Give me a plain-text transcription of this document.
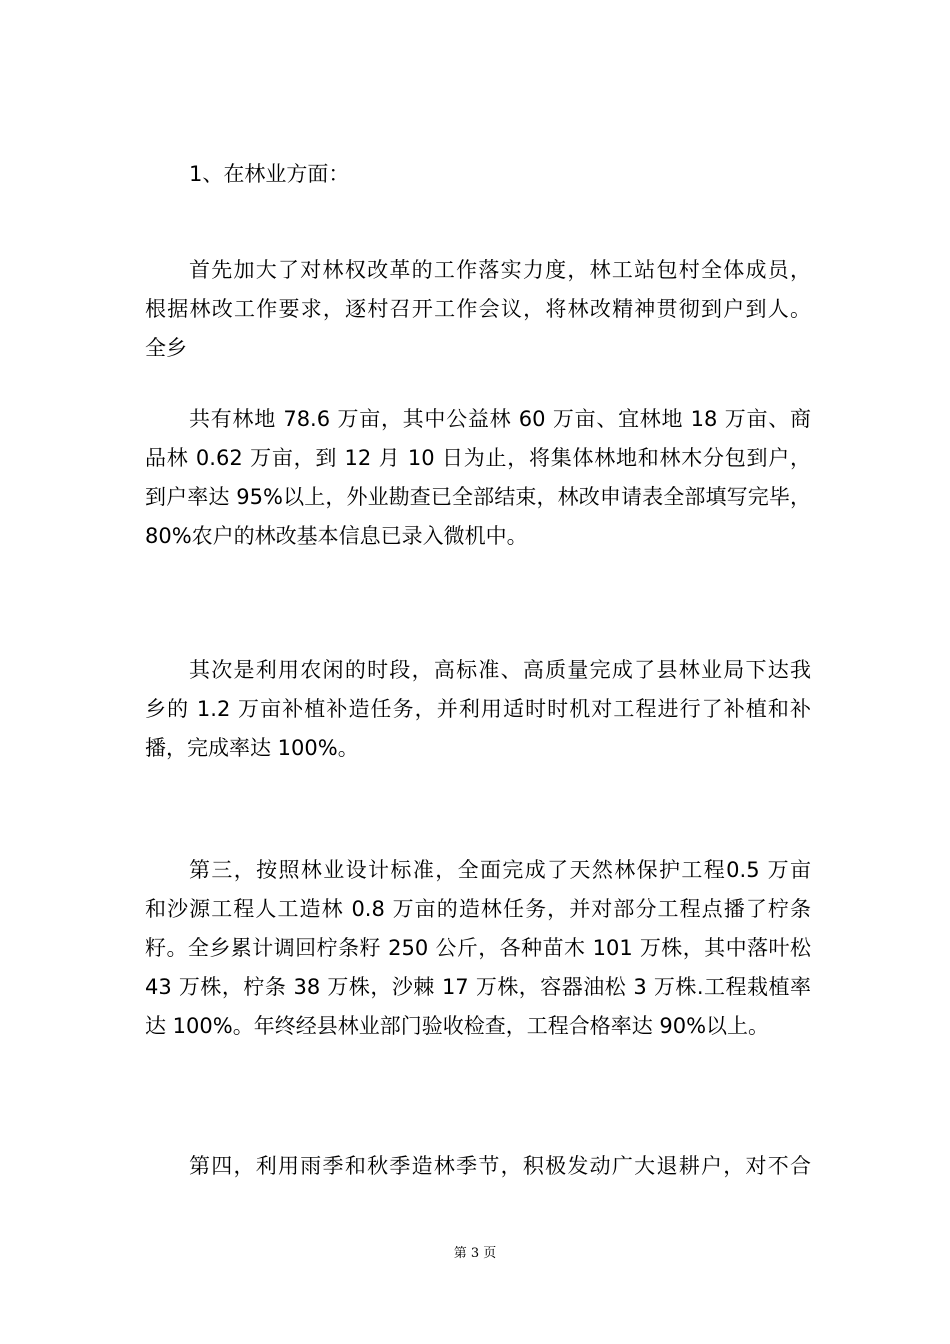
1、在林业方面：

首先加大了对林权改革的工作落实力度，林工站包村全体成员，
根据林改工作要求，逐村召开工作会议，将林改精神贯彻到户到人。
全乡

共有林地 78.6 万亩，其中公益林 60 万亩、宜林地 18 万亩、商
品林 0.62 万亩，到 12 月 10 日为止，将集体林地和林木分包到户，
到户率达 95%以上，外业勘查已全部结束，林改申请表全部填写完毕，
80%农户的林改基本信息已录入微机中。

其次是利用农闲的时段，高标准、高质量完成了县林业局下达我
乡的 1.2 万亩补植补造任务，并利用适时时机对工程进行了补植和补
播，完成率达 100%。

第三，按照林业设计标准，全面完成了天然林保护工程0.5 万亩
和沙源工程人工造林 0.8 万亩的造林任务，并对部分工程点播了柠条
籽。全乡累计调回柠条籽 250 公斤，各种苗木 101 万株，其中落叶松
43 万株，柠条 38 万株，沙棘 17 万株，容器油松 3 万株.工程栽植率
达 100%。年终经县林业部门验收检查，工程合格率达 90%以上。

第四，利用雨季和秋季造林季节，积极发动广大退耕户，对不合

第 3 页
